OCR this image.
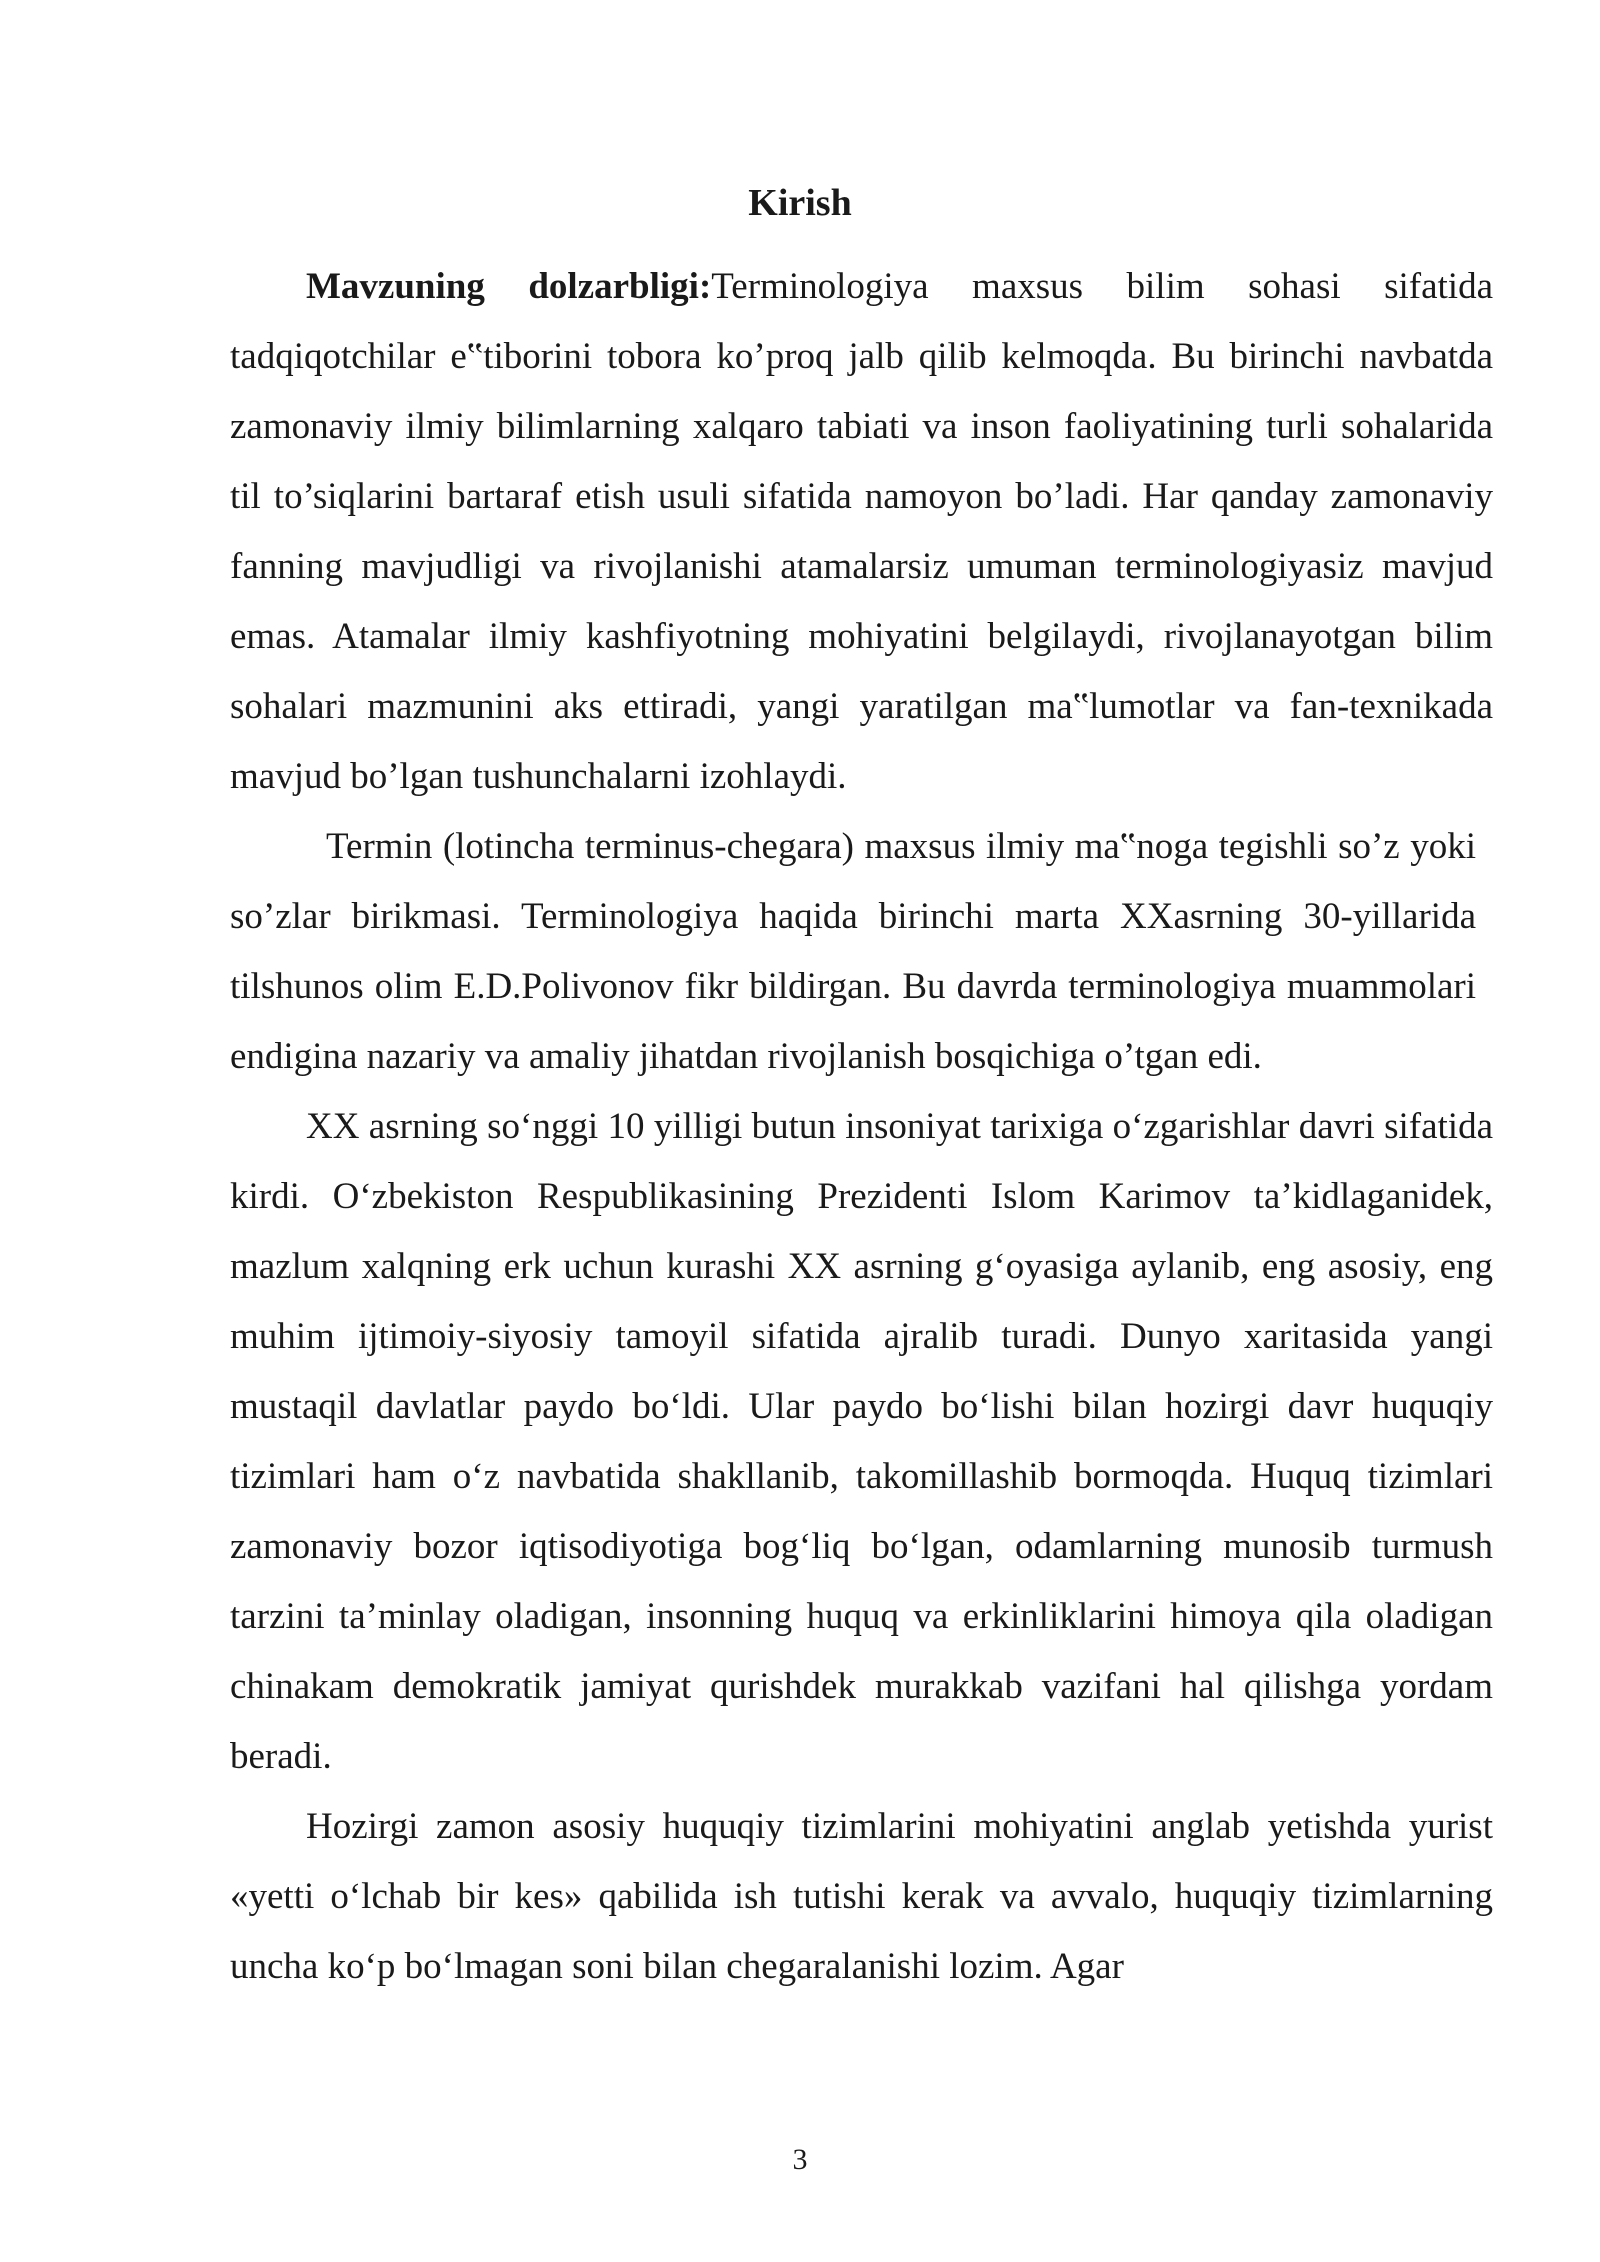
Kirish

Mavzuning dolzarbligi:Terminologiya maxsus bilim sohasi sifatida tadqiqotchilar e‟tiborini tobora ko’proq jalb qilib kelmoqda. Bu birinchi navbatda zamonaviy ilmiy bilimlarning xalqaro tabiati va inson faoliyatining turli sohalarida til to’siqlarini bartaraf etish usuli sifatida namoyon bo’ladi. Har qanday zamonaviy fanning mavjudligi va rivojlanishi atamalarsiz umuman terminologiyasiz mavjud emas. Atamalar ilmiy kashfiyotning mohiyatini belgilaydi, rivojlanayotgan bilim sohalari mazmunini aks ettiradi, yangi yaratilgan ma‟lumotlar va fan-texnikada mavjud bo’lgan tushunchalarni izohlaydi.

Termin (lotincha terminus-chegara) maxsus ilmiy ma‟noga tegishli so’z yoki so’zlar birikmasi. Terminologiya haqida birinchi marta XXasrning 30-yillarida tilshunos olim E.D.Polivonov fikr bildirgan. Bu davrda terminologiya muammolari endigina nazariy va amaliy jihatdan rivojlanish bosqichiga o’tgan edi.

XX asrning so‘nggi 10 yilligi butun insoniyat tarixiga o‘zgarishlar davri sifatida kirdi. O‘zbekiston Respublikasining Prezidenti Islom Karimov ta’kidlaganidek, mazlum xalqning erk uchun kurashi XX asrning g‘oyasiga aylanib, eng asosiy, eng muhim ijtimoiy-siyosiy tamoyil sifatida ajralib turadi. Dunyo xaritasida yangi mustaqil davlatlar paydo bo‘ldi. Ular paydo bo‘lishi bilan hozirgi davr huquqiy tizimlari ham o‘z navbatida shakllanib, takomillashib bormoqda. Huquq tizimlari zamonaviy bozor iqtisodiyotiga bog‘liq bo‘lgan, odamlarning munosib turmush tarzini ta’minlay oladigan, insonning huquq va erkinliklarini himoya qila oladigan chinakam demokratik jamiyat qurishdek murakkab vazifani hal qilishga yordam beradi.

Hozirgi zamon asosiy huquqiy tizimlarini mohiyatini anglab yetishda yurist «yetti o‘lchab bir kes» qabilida ish tutishi kerak va avvalo, huquqiy tizimlarning uncha ko‘p bo‘lmagan soni bilan chegaralanishi lozim. Agar

3
